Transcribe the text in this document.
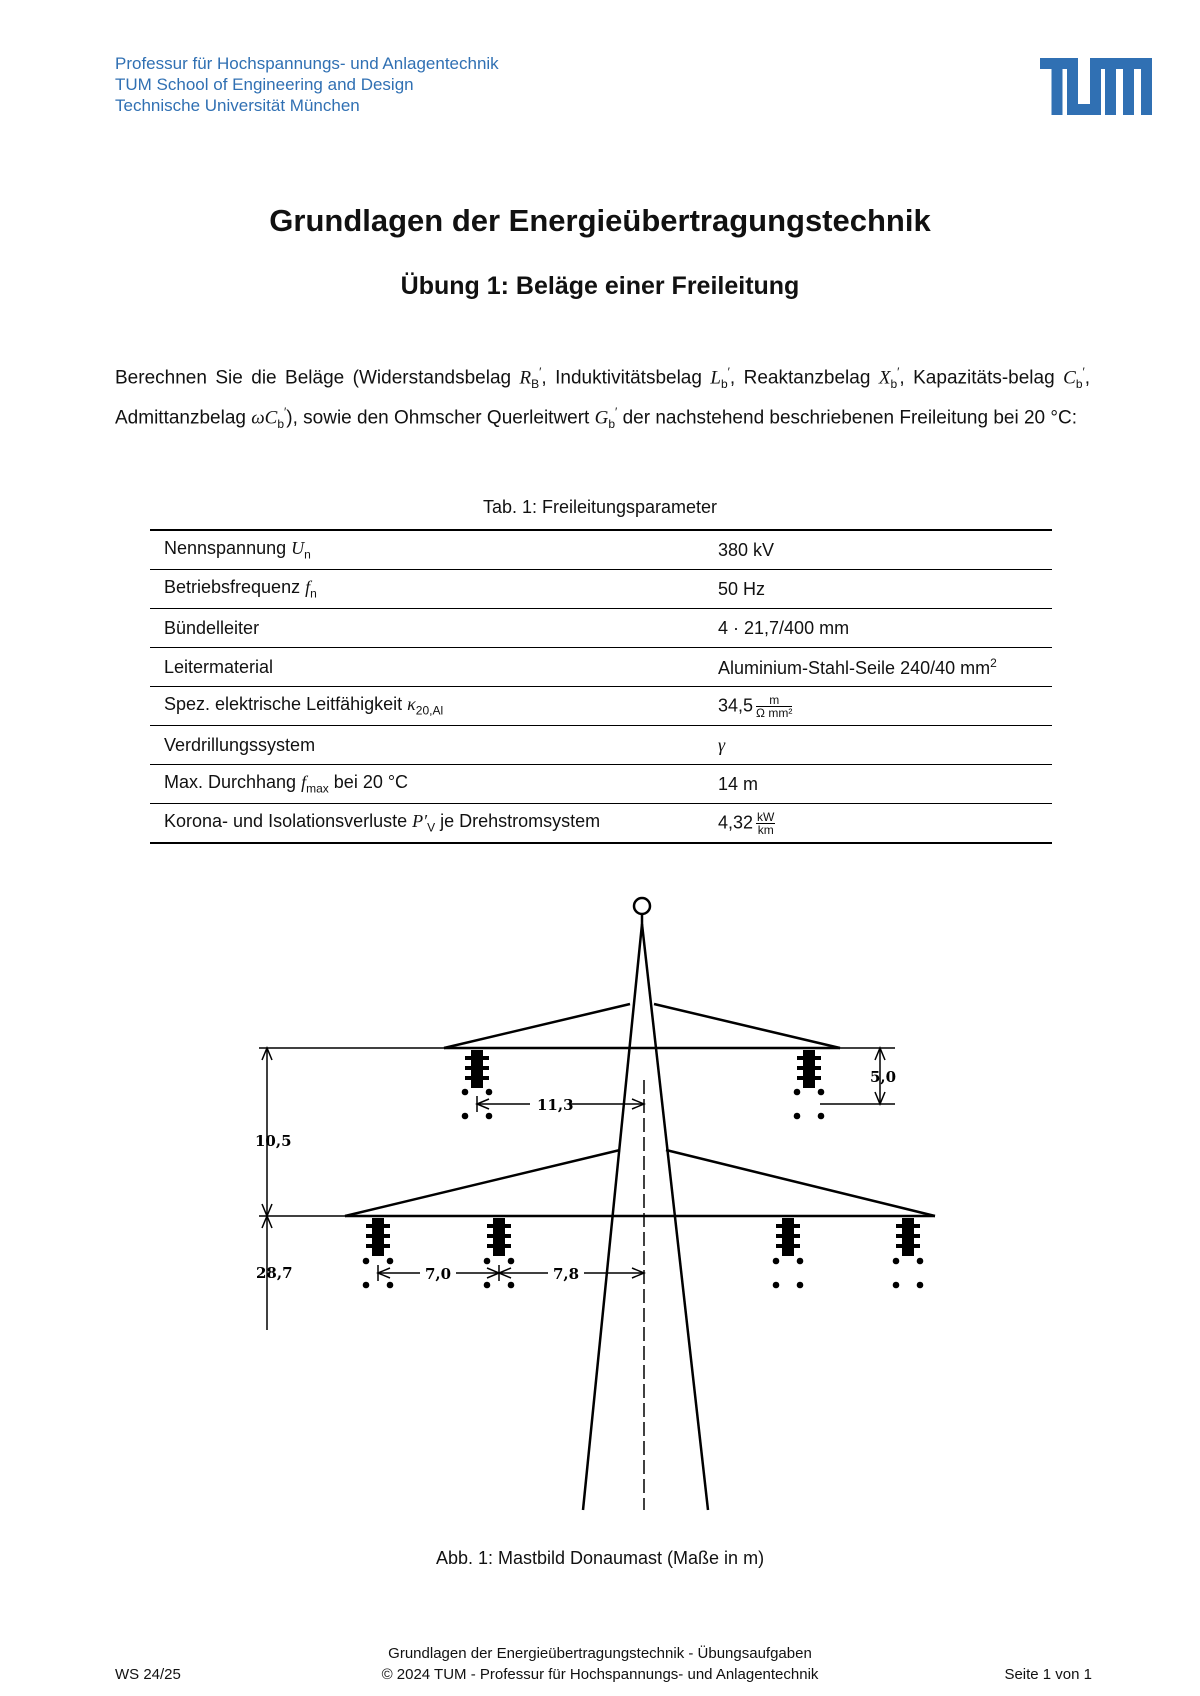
Professur für Hochspannungs- und Anlagentechnik
TUM School of Engineering and Design
Technische Universität München
Grundlagen der Energieübertragungstechnik
Übung 1: Beläge einer Freileitung
Berechnen Sie die Beläge (Widerstandsbelag $R_B'$, Induktivitätsbelag $L_b'$, Reaktanzbelag $X_b'$, Kapazitäts-belag $C_b'$, Admittanzbelag $\omega C_b'$), sowie den Ohmscher Querleitwert $G_b'$ der nachstehend beschriebenen Freileitung bei 20 °C:
Tab. 1: Freileitungsparameter
Nennspannung $U_n$	380 kV
Betriebsfrequenz $f_n$	50 Hz
Bündelleiter	4 · 21,7/400 mm
Leitermaterial	Aluminium-Stahl-Seile 240/40 $mm^2$
Spez. elektrische Leitfähigkeit $\kappa_{20,Al}$	$34,5 \frac{m}{\text{Ω mm²}}$

Verdrillungssystem	γ
Max. Durchhang $f_{max}$ bei 20 °C	14 m
Korona- und Isolationsverluste $P'_V$ je Drehstromsystem	$4,32 \frac{kW}{km}$
11,3
10,5
28,7
5,0
7,0	7,8
Abb. 1: Mastbild Donaumast (Maße in m)
WS 24/25
Grundlagen der Energieübertragungstechnik - Übungsaufgaben
© 2024 TUM - Professur für Hochspannungs- und Anlagentechnik	Seite 1 von 1
